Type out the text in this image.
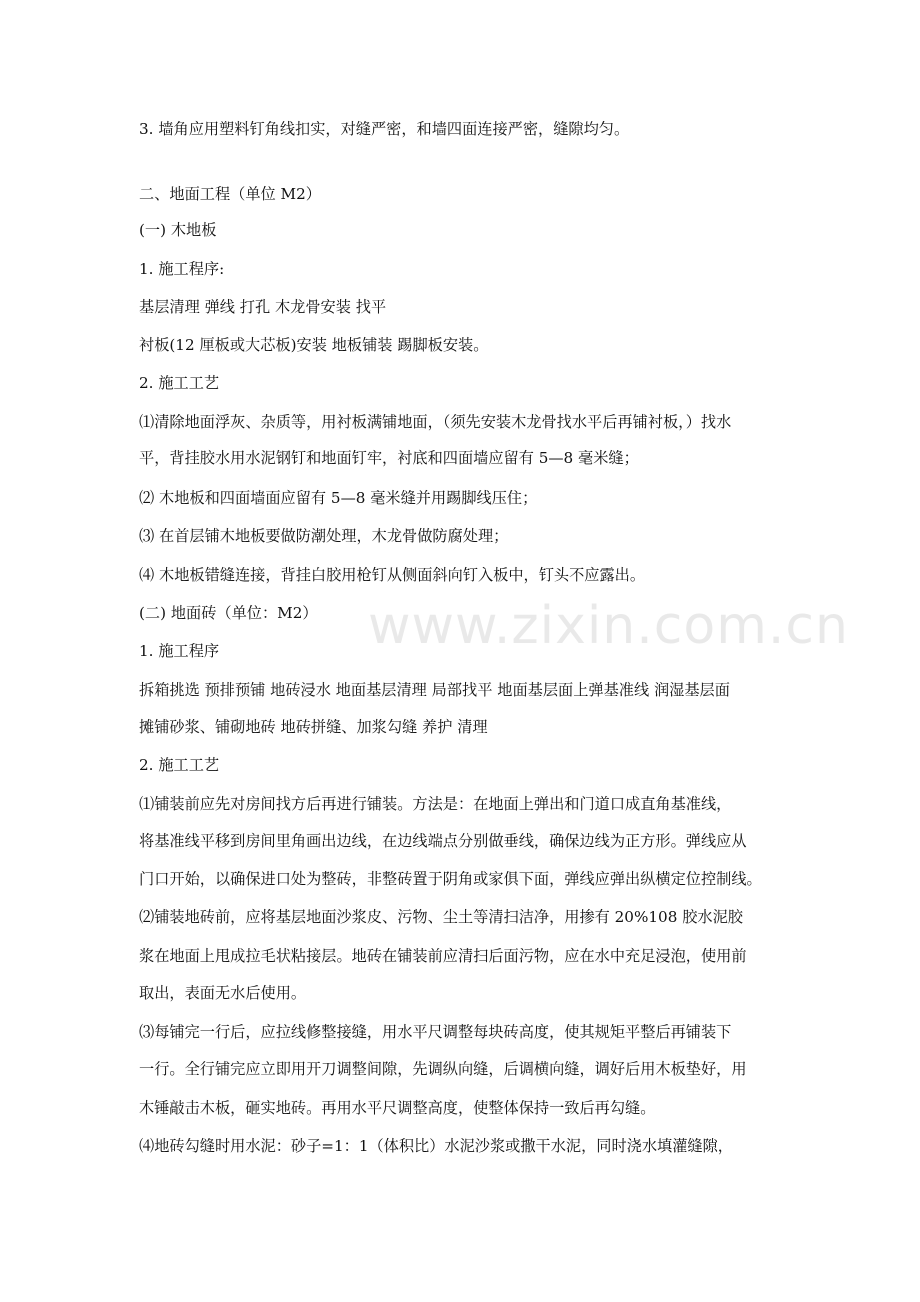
www.zixin.com.cn
3. 墙角应用塑料钉角线扣实，对缝严密，和墙四面连接严密，缝隙均匀。
二、地面工程（单位 M2）
(一) 木地板
1. 施工程序:
基层清理 弹线 打孔 木龙骨安装 找平
衬板(12 厘板或大芯板)安装 地板铺装 踢脚板安装。
2. 施工工艺
⑴清除地面浮灰、杂质等，用衬板满铺地面，（须先安装木龙骨找水平后再铺衬板，）找水
平，背挂胶水用水泥钢钉和地面钉牢，衬底和四面墙应留有 5—8 毫米缝；
⑵ 木地板和四面墙面应留有 5—8 毫米缝并用踢脚线压住；
⑶ 在首层铺木地板要做防潮处理，木龙骨做防腐处理；
⑷ 木地板错缝连接，背挂白胶用枪钉从侧面斜向钉入板中，钉头不应露出。
(二) 地面砖（单位：M2）
1. 施工程序
拆箱挑选 预排预铺 地砖浸水 地面基层清理 局部找平 地面基层面上弹基准线 润湿基层面
摊铺砂浆、铺砌地砖 地砖拼缝、加浆勾缝 养护 清理
2. 施工工艺
⑴铺装前应先对房间找方后再进行铺装。方法是：在地面上弹出和门道口成直角基准线，
将基准线平移到房间里角画出边线，在边线端点分别做垂线，确保边线为正方形。弹线应从
门口开始，以确保进口处为整砖，非整砖置于阴角或家俱下面，弹线应弹出纵横定位控制线。
⑵铺装地砖前，应将基层地面沙浆皮、污物、尘土等清扫洁净，用掺有 20%108 胶水泥胶
浆在地面上甩成拉毛状粘接层。地砖在铺装前应清扫后面污物，应在水中充足浸泡，使用前
取出，表面无水后使用。
⑶每铺完一行后，应拉线修整接缝，用水平尺调整每块砖高度，使其规矩平整后再铺装下
一行。全行铺完应立即用开刀调整间隙，先调纵向缝，后调横向缝，调好后用木板垫好，用
木锤敲击木板，砸实地砖。再用水平尺调整高度，使整体保持一致后再勾缝。
⑷地砖勾缝时用水泥：砂子=1：1（体积比）水泥沙浆或撒干水泥，同时浇水填灌缝隙，
